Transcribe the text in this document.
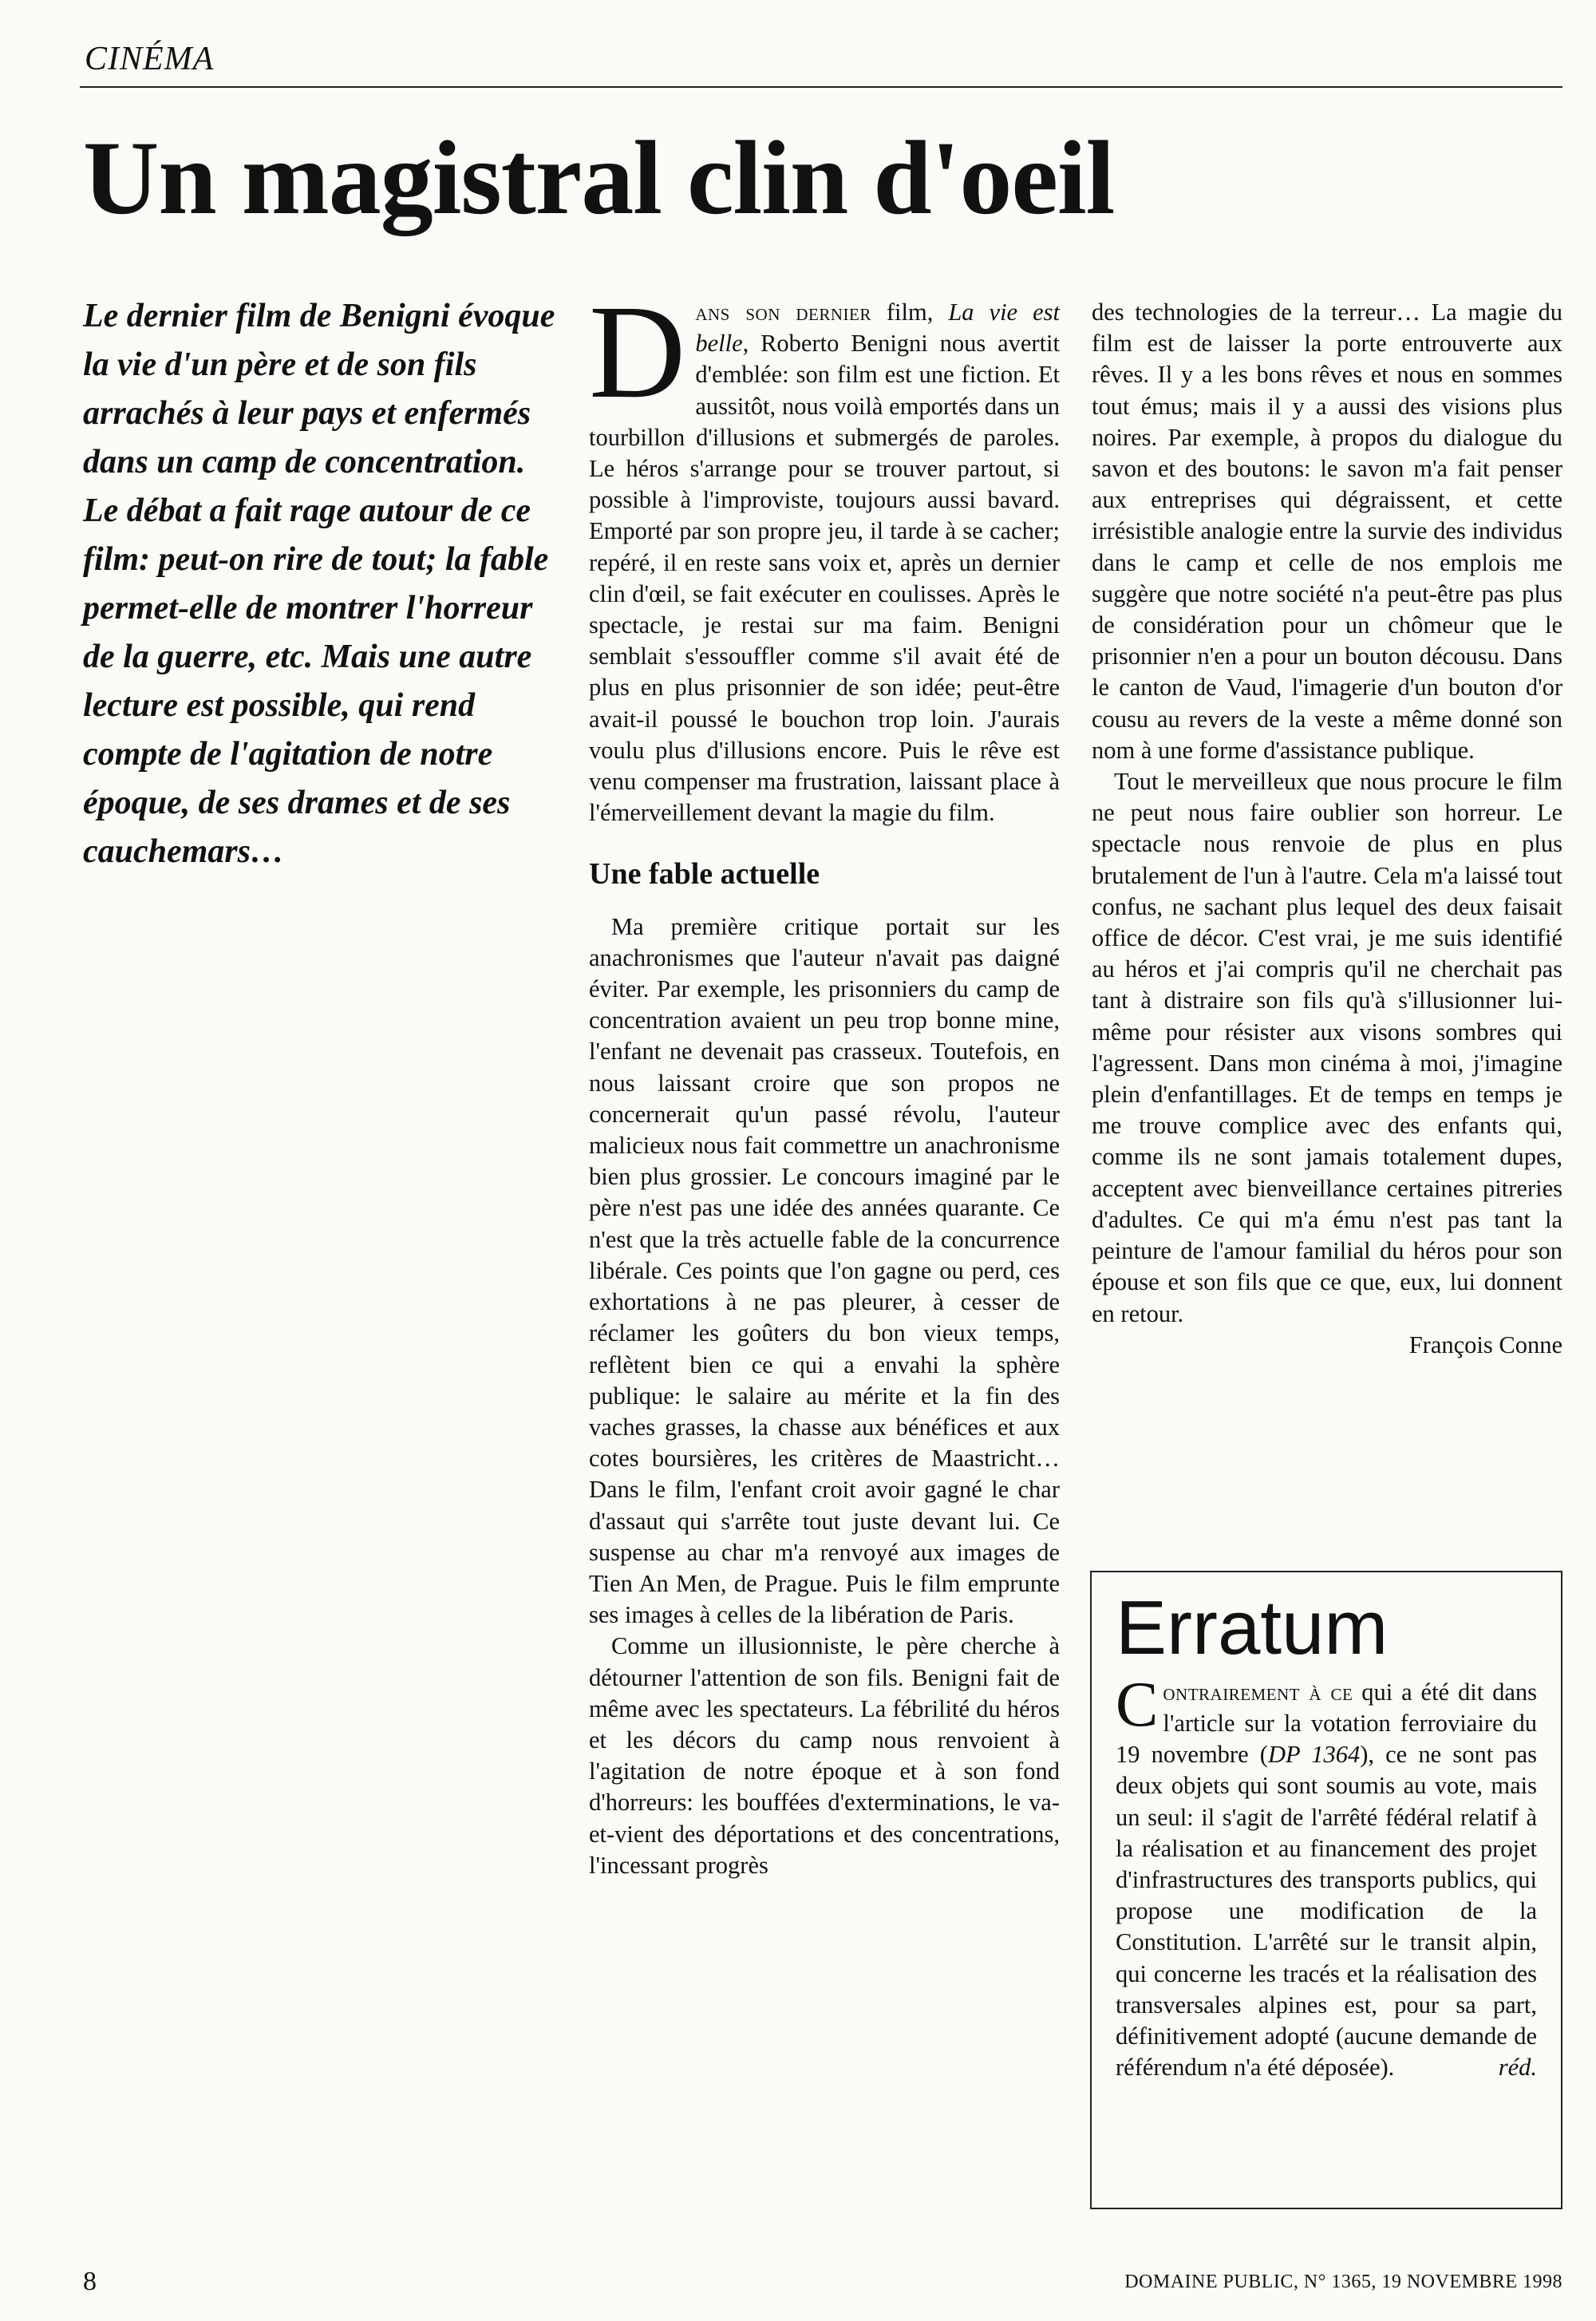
CINÉMA
Un magistral clin d'oeil
Le dernier film de Benigni évoque la vie d'un père et de son fils arrachés à leur pays et enfermés dans un camp de concentration. Le débat a fait rage autour de ce film: peut-on rire de tout; la fable permet-elle de montrer l'horreur de la guerre, etc. Mais une autre lecture est possible, qui rend compte de l'agitation de notre époque, de ses drames et de ses cauchemars…

Dans son dernier film, La vie est belle, Roberto Benigni nous avertit d'emblée: son film est une fiction. Et aussitôt, nous voilà emportés dans un tourbillon d'illusions et submergés de paroles. Le héros s'arrange pour se trouver partout, si possible à l'improviste, toujours aussi bavard. Emporté par son propre jeu, il tarde à se cacher; repéré, il en reste sans voix et, après un dernier clin d'œil, se fait exécuter en coulisses. Après le spectacle, je restai sur ma faim. Benigni semblait s'essouffler comme s'il avait été de plus en plus prisonnier de son idée; peut-être avait-il poussé le bouchon trop loin. J'aurais voulu plus d'illusions encore. Puis le rêve est venu compenser ma frustration, laissant place à l'émerveillement devant la magie du film.

Une fable actuelle

Ma première critique portait sur les anachronismes que l'auteur n'avait pas daigné éviter. Par exemple, les prisonniers du camp de concentration avaient un peu trop bonne mine, l'enfant ne devenait pas crasseux. Toutefois, en nous laissant croire que son propos ne concernerait qu'un passé révolu, l'auteur malicieux nous fait commettre un anachronisme bien plus grossier. Le concours imaginé par le père n'est pas une idée des années quarante. Ce n'est que la très actuelle fable de la concurrence libérale. Ces points que l'on gagne ou perd, ces exhortations à ne pas pleurer, à cesser de réclamer les goûters du bon vieux temps, reflètent bien ce qui a envahi la sphère publique: le salaire au mérite et la fin des vaches grasses, la chasse aux bénéfices et aux cotes boursières, les critères de Maastricht… Dans le film, l'enfant croit avoir gagné le char d'assaut qui s'arrête tout juste devant lui. Ce suspense au char m'a renvoyé aux images de Tien An Men, de Prague. Puis le film emprunte ses images à celles de la libération de Paris.

Comme un illusionniste, le père cherche à détourner l'attention de son fils. Benigni fait de même avec les spectateurs. La fébrilité du héros et les décors du camp nous renvoient à l'agitation de notre époque et à son fond d'horreurs: les bouffées d'exterminations, le va-et-vient des déportations et des concentrations, l'incessant progrès

des technologies de la terreur… La magie du film est de laisser la porte entrouverte aux rêves. Il y a les bons rêves et nous en sommes tout émus; mais il y a aussi des visions plus noires. Par exemple, à propos du dialogue du savon et des boutons: le savon m'a fait penser aux entreprises qui dégraissent, et cette irrésistible analogie entre la survie des individus dans le camp et celle de nos emplois me suggère que notre société n'a peut-être pas plus de considération pour un chômeur que le prisonnier n'en a pour un bouton décousu. Dans le canton de Vaud, l'imagerie d'un bouton d'or cousu au revers de la veste a même donné son nom à une forme d'assistance publique.

Tout le merveilleux que nous procure le film ne peut nous faire oublier son horreur. Le spectacle nous renvoie de plus en plus brutalement de l'un à l'autre. Cela m'a laissé tout confus, ne sachant plus lequel des deux faisait office de décor. C'est vrai, je me suis identifié au héros et j'ai compris qu'il ne cherchait pas tant à distraire son fils qu'à s'illusionner lui-même pour résister aux visons sombres qui l'agressent. Dans mon cinéma à moi, j'imagine plein d'enfantillages. Et de temps en temps je me trouve complice avec des enfants qui, comme ils ne sont jamais totalement dupes, acceptent avec bienveillance certaines pitreries d'adultes. Ce qui m'a ému n'est pas tant la peinture de l'amour familial du héros pour son épouse et son fils que ce que, eux, lui donnent en retour.

François Conne

Erratum
Contrairement à ce qui a été dit dans l'article sur la votation ferroviaire du 19 novembre (DP 1364), ce ne sont pas deux objets qui sont soumis au vote, mais un seul: il s'agit de l'arrêté fédéral relatif à la réalisation et au financement des projet d'infrastructures des transports publics, qui propose une modification de la Constitution. L'arrêté sur le transit alpin, qui concerne les tracés et la réalisation des transversales alpines est, pour sa part, définitivement adopté (aucune demande de référendum n'a été déposée).	réd.
8	DOMAINE PUBLIC, N° 1365, 19 NOVEMBRE 1998
